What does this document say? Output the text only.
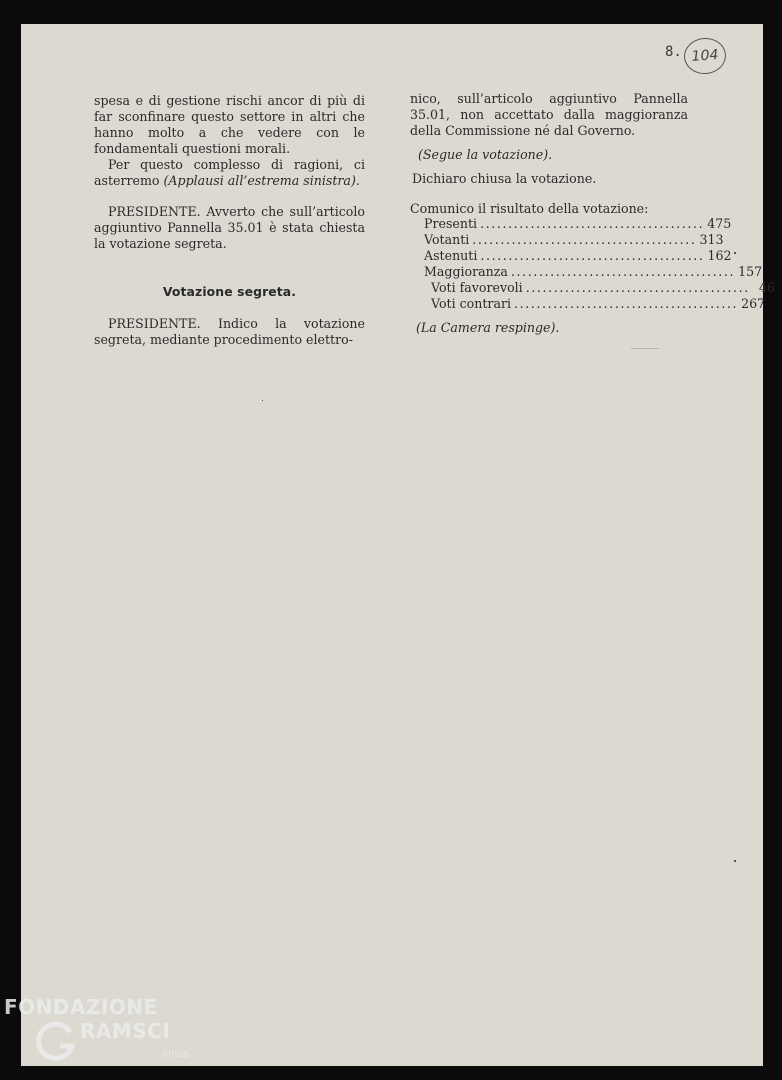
8. 104

spesa e di gestione rischi ancor di più di far sconfinare questo settore in altri che hanno molto a che vedere con le fondamentali questioni morali.

Per questo complesso di ragioni, ci asterremo (Applausi all’estrema sinistra).

PRESIDENTE. Avverto che sull’articolo aggiuntivo Pannella 35.01 è stata chiesta la votazione segreta.

Votazione segreta.

PRESIDENTE. Indico la votazione segreta, mediante procedimento elettro-

nico, sull’articolo aggiuntivo Pannella 35.01, non accettato dalla maggioranza della Commissione né dal Governo.

(Segue la votazione).

Dichiaro chiusa la votazione.

Comunico il risultato della votazione:

Presenti ........................................ 475
Votanti ........................................ 313
Astenuti ........................................ 162
Maggioranza ........................................ 157
Voti favorevoli ........................................ 46
Voti contrari ........................................ 267

(La Camera respinge).

FONDAZIONE
RAMSCI
onlus
